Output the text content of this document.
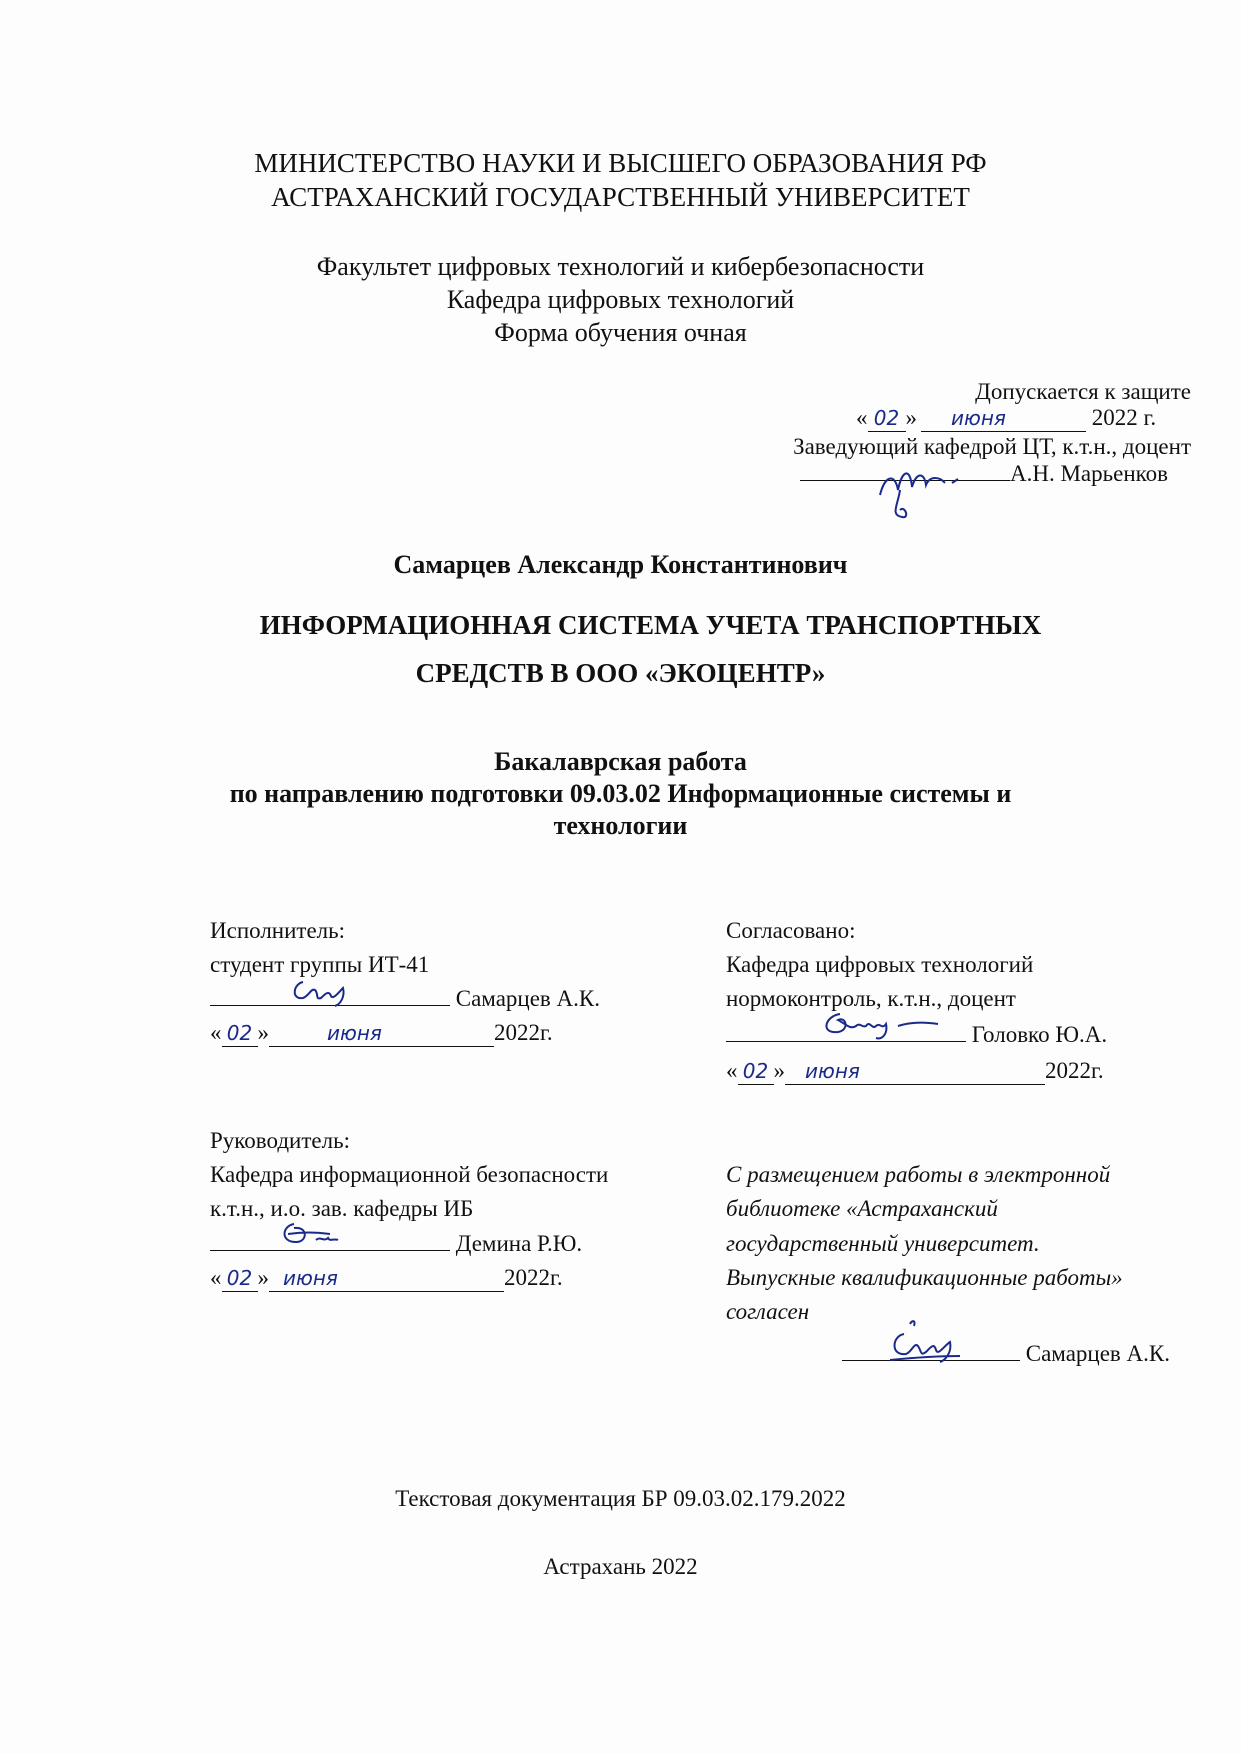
МИНИСТЕРСТВО НАУКИ И ВЫСШЕГО ОБРАЗОВАНИЯ РФ
АСТРАХАНСКИЙ ГОСУДАРСТВЕННЫЙ УНИВЕРСИТЕТ
Факультет цифровых технологий и кибербезопасности
Кафедра цифровых технологий
Форма обучения очная
Допускается к защите
« 02 » июня	2022 г.
Заведующий кафедрой ЦТ, к.т.н., доцент
А.Н. Марьенков
Самарцев Александр Константинович
ИНФОРМАЦИОННАЯ СИСТЕМА УЧЕТА ТРАНСПОРТНЫХ
СРЕДСТВ В ООО «ЭКОЦЕНТР»
Бакалаврская работа
по направлению подготовки 09.03.02 Информационные системы и
технологии
Исполнитель:
студент группы ИТ-41
Самарцев А.К.
« 02 »	июня	2022г.
Согласовано:
Кафедра цифровых технологий
нормоконтроль, к.т.н., доцент
Головко Ю.А.
« 02 » июня	2022г.
Руководитель:
Кафедра информационной безопасности
к.т.н., и.о. зав. кафедры ИБ
Демина Р.Ю.
« 02 » июня	2022г.
С размещением работы в электронной
библиотеке «Астраханский
государственный университет.
Выпускные квалификационные работы»
согласен
Самарцев А.К.
Текстовая документация БР 09.03.02.179.2022
Астрахань 2022
